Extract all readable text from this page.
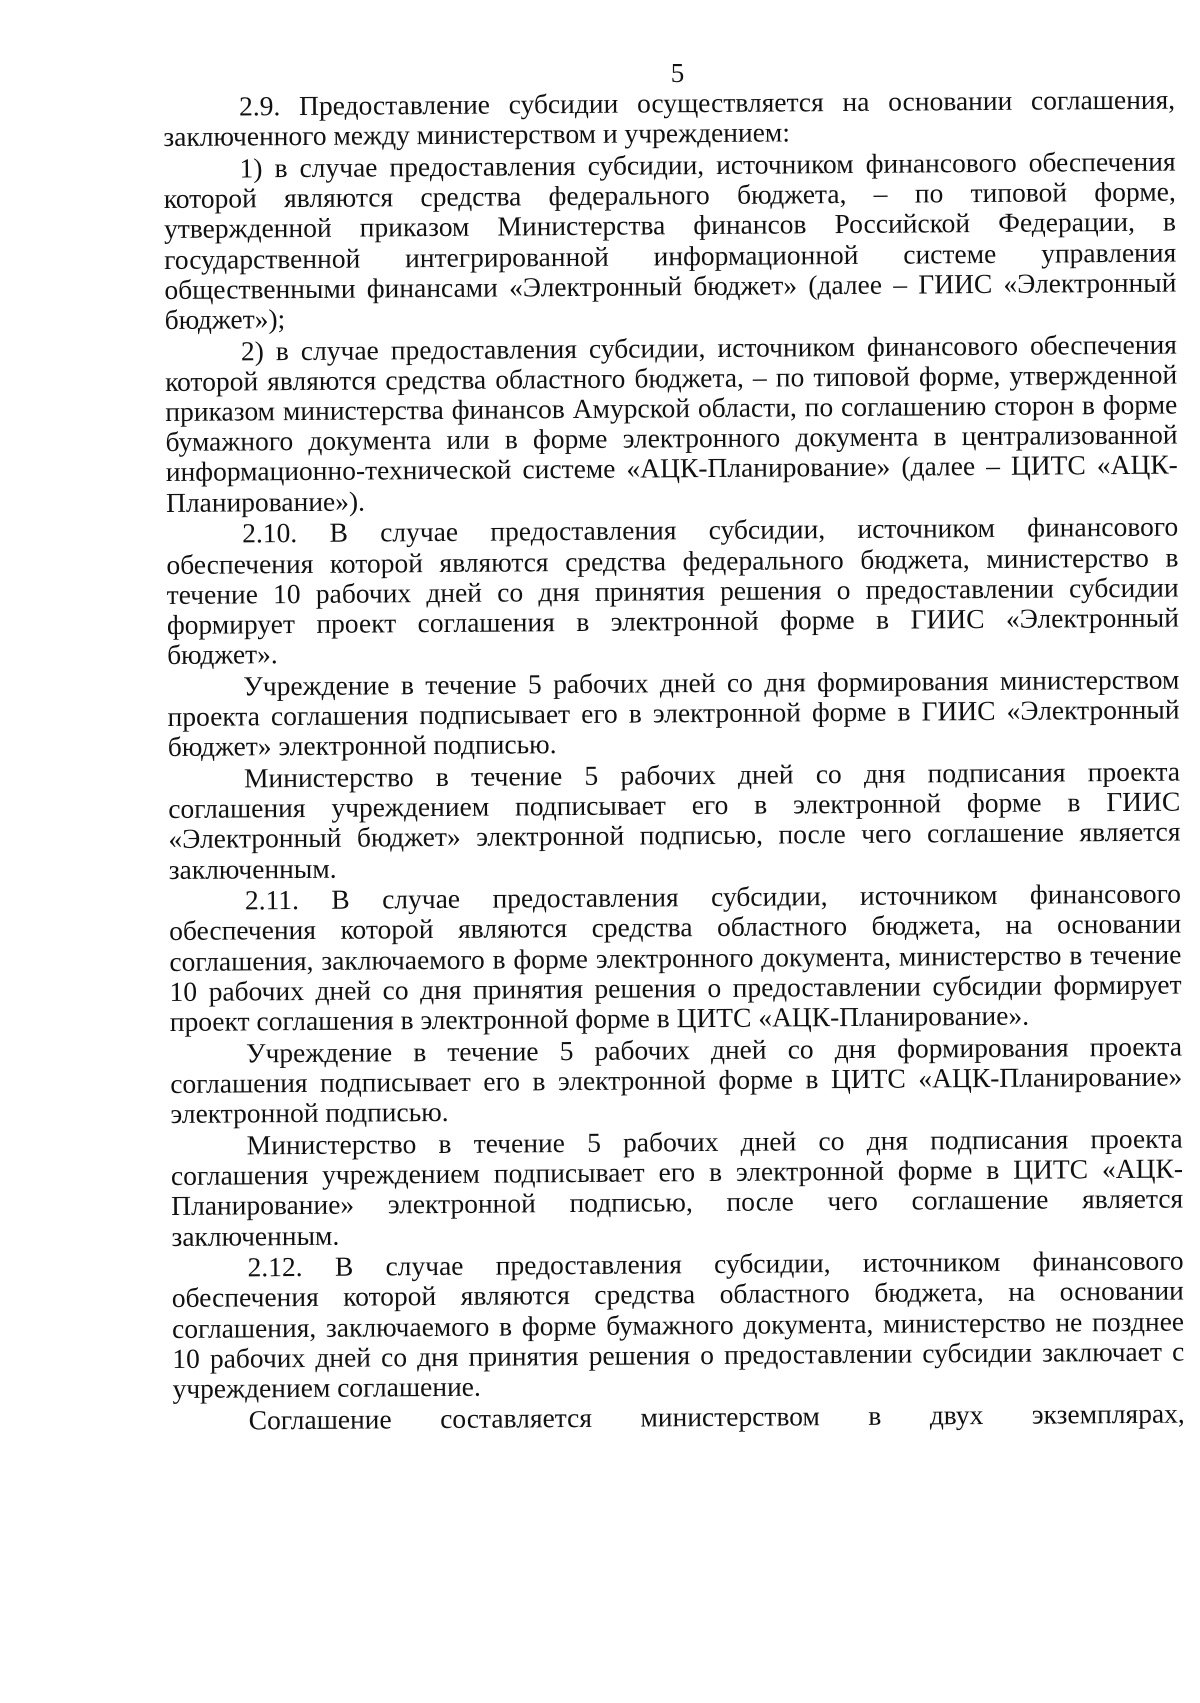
5

2.9. Предоставление субсидии осуществляется на основании соглашения, заключенного между министерством и учреждением:

1) в случае предоставления субсидии, источником финансового обеспечения которой являются средства федерального бюджета, – по типовой форме, утвержденной приказом Министерства финансов Российской Федерации, в государственной интегрированной информационной системе управления общественными финансами «Электронный бюджет» (далее – ГИИС «Электронный бюджет»);

2) в случае предоставления субсидии, источником финансового обеспечения которой являются средства областного бюджета, – по типовой форме, утвержденной приказом министерства финансов Амурской области, по соглашению сторон в форме бумажного документа или в форме электронного документа в централизованной информационно-технической системе «АЦК-Планирование» (далее – ЦИТС «АЦК-Планирование»).

2.10. В случае предоставления субсидии, источником финансового обеспечения которой являются средства федерального бюджета, министерство в течение 10 рабочих дней со дня принятия решения о предоставлении субсидии формирует проект соглашения в электронной форме в ГИИС «Электронный бюджет».

Учреждение в течение 5 рабочих дней со дня формирования министерством проекта соглашения подписывает его в электронной форме в ГИИС «Электронный бюджет» электронной подписью.

Министерство в течение 5 рабочих дней со дня подписания проекта соглашения учреждением подписывает его в электронной форме в ГИИС «Электронный бюджет» электронной подписью, после чего соглашение является заключенным.

2.11. В случае предоставления субсидии, источником финансового обеспечения которой являются средства областного бюджета, на основании соглашения, заключаемого в форме электронного документа, министерство в течение 10 рабочих дней со дня принятия решения о предоставлении субсидии формирует проект соглашения в электронной форме в ЦИТС «АЦК-Планирование».

Учреждение в течение 5 рабочих дней со дня формирования проекта соглашения подписывает его в электронной форме в ЦИТС «АЦК-Планирование» электронной подписью.

Министерство в течение 5 рабочих дней со дня подписания проекта соглашения учреждением подписывает его в электронной форме в ЦИТС «АЦК-Планирование» электронной подписью, после чего соглашение является заключенным.

2.12. В случае предоставления субсидии, источником финансового обеспечения которой являются средства областного бюджета, на основании соглашения, заключаемого в форме бумажного документа, министерство не позднее 10 рабочих дней со дня принятия решения о предоставлении субсидии заключает с учреждением соглашение.

Соглашение составляется министерством в двух экземплярах,
